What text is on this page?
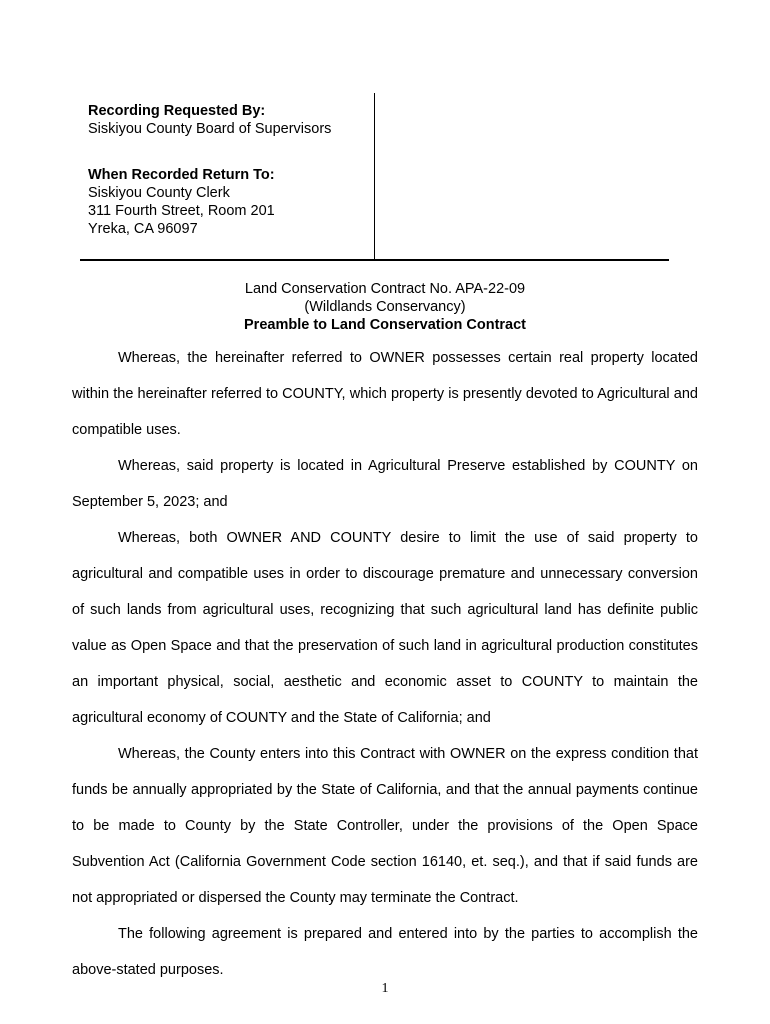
Recording Requested By:
Siskiyou County Board of Supervisors
When Recorded Return To:
Siskiyou County Clerk
311 Fourth Street, Room 201
Yreka, CA 96097
Land Conservation Contract No. APA-22-09
(Wildlands Conservancy)
Preamble to Land Conservation Contract

Whereas, the hereinafter referred to OWNER possesses certain real property located within the hereinafter referred to COUNTY, which property is presently devoted to Agricultural and compatible uses.

Whereas, said property is located in Agricultural Preserve established by COUNTY on September 5, 2023; and

Whereas, both OWNER AND COUNTY desire to limit the use of said property to agricultural and compatible uses in order to discourage premature and unnecessary conversion of such lands from agricultural uses, recognizing that such agricultural land has definite public value as Open Space and that the preservation of such land in agricultural production constitutes an important physical, social, aesthetic and economic asset to COUNTY to maintain the agricultural economy of COUNTY and the State of California; and

Whereas, the County enters into this Contract with OWNER on the express condition that funds be annually appropriated by the State of California, and that the annual payments continue to be made to County by the State Controller, under the provisions of the Open Space Subvention Act (California Government Code section 16140, et. seq.), and that if said funds are not appropriated or dispersed the County may terminate the Contract.

The following agreement is prepared and entered into by the parties to accomplish the above-stated purposes.

1
